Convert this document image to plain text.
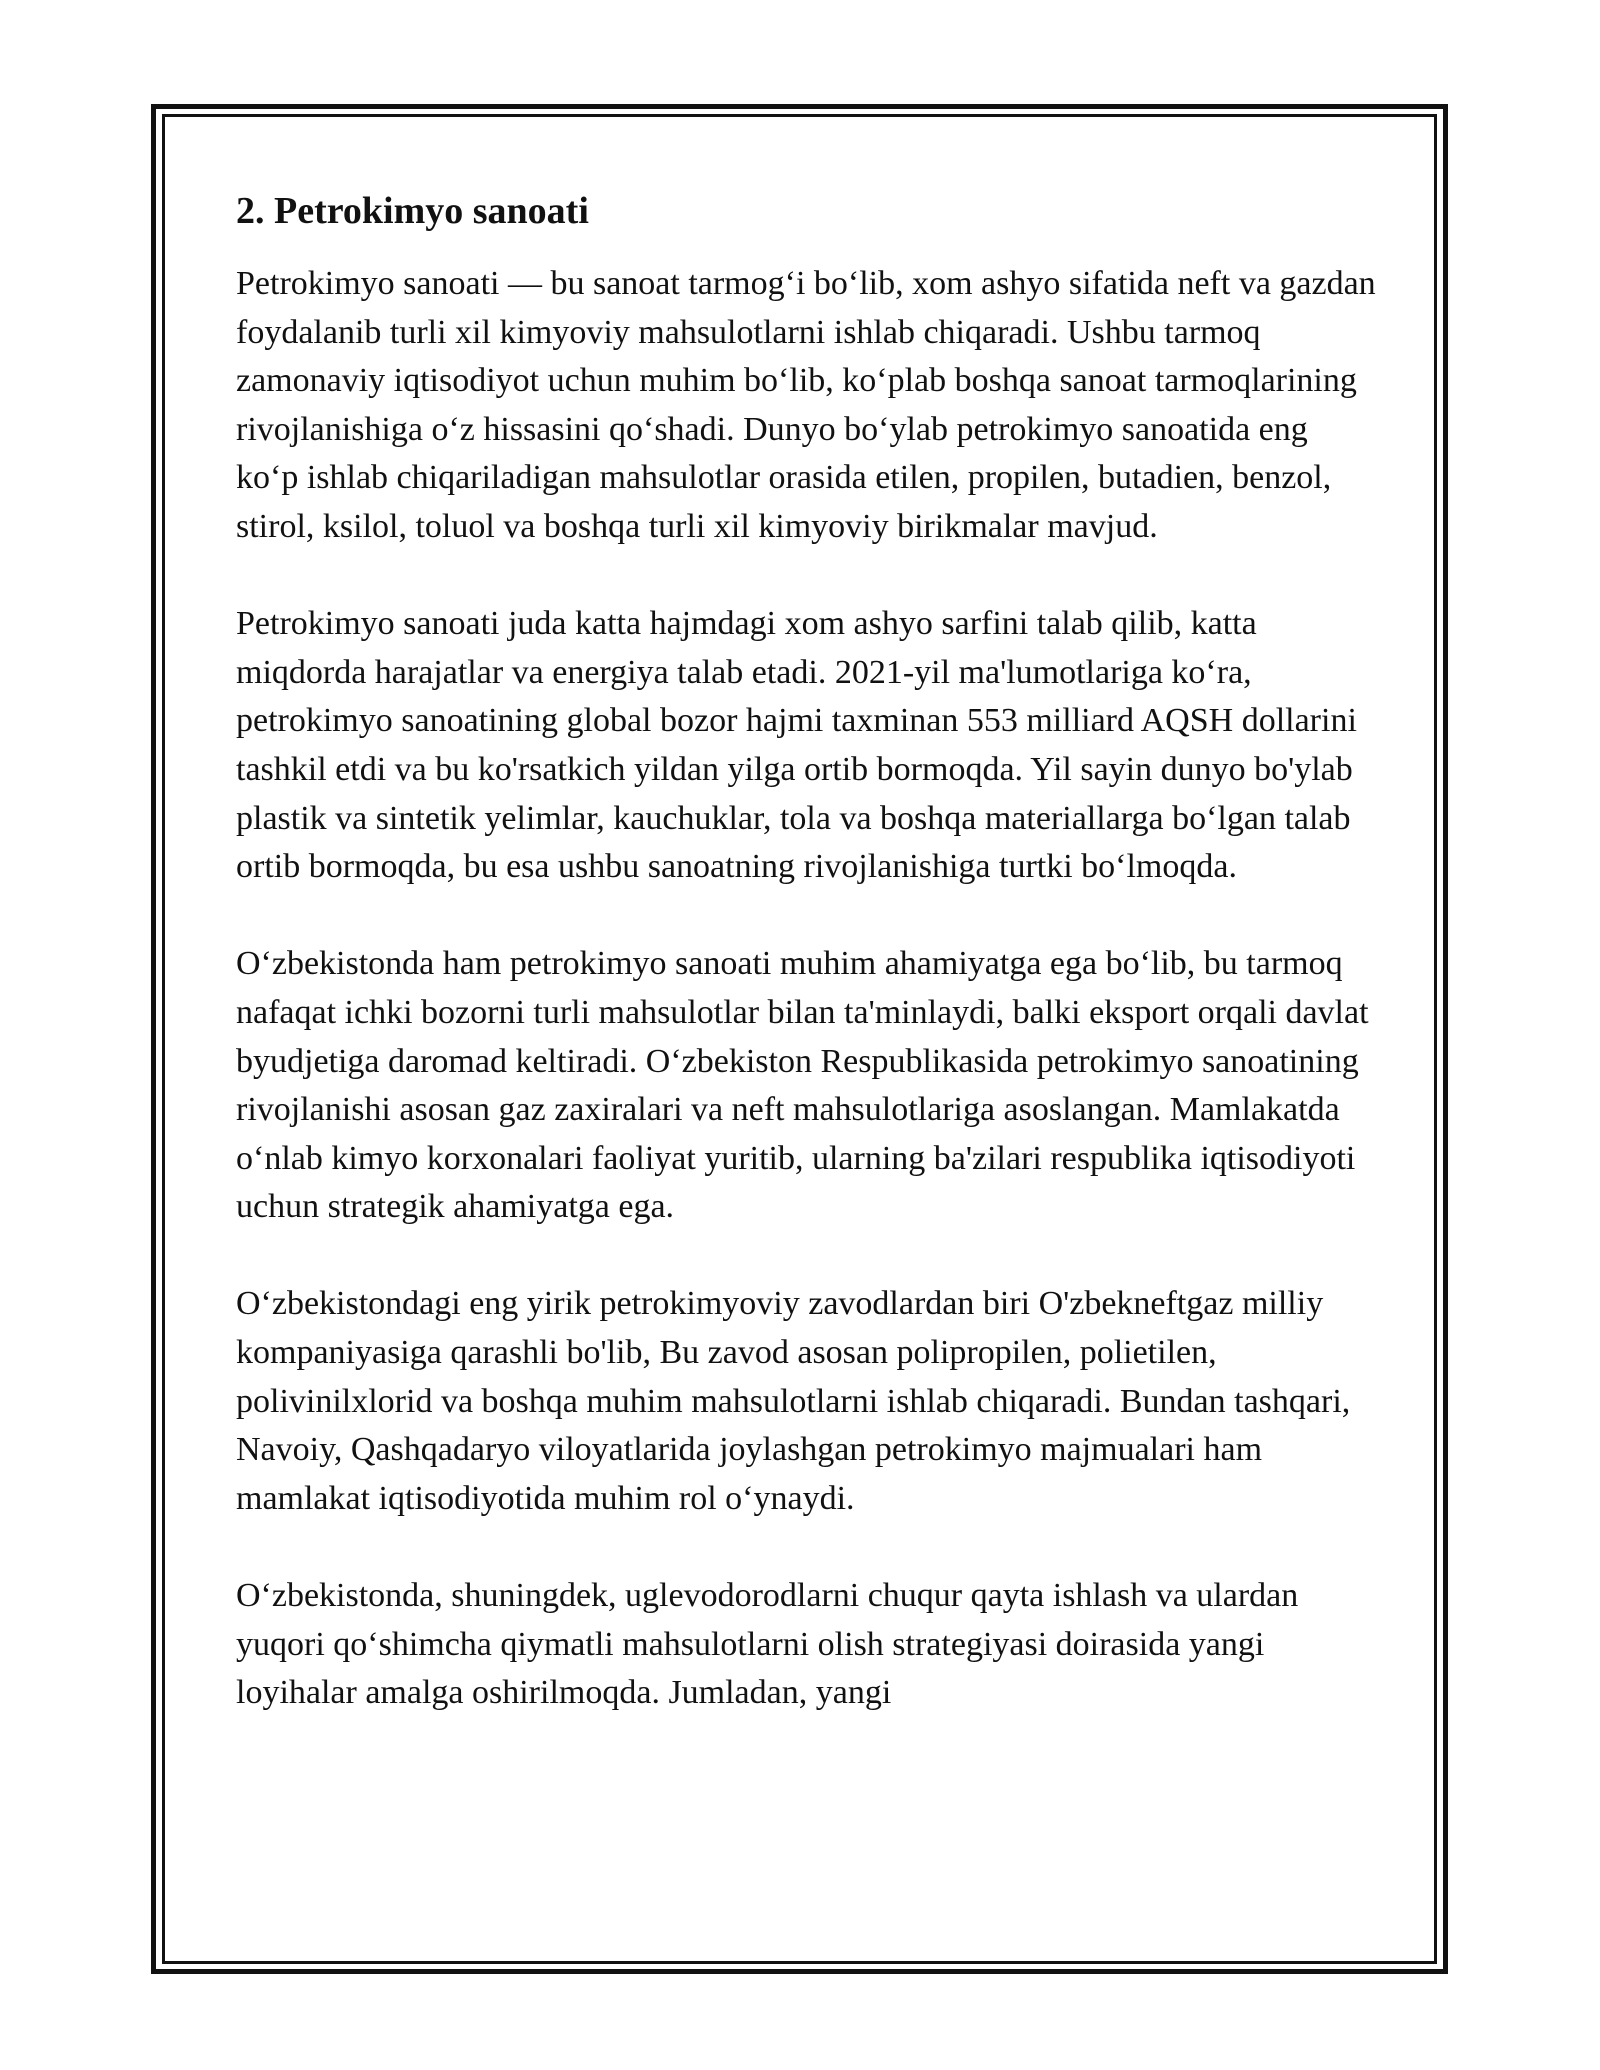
2. Petrokimyo sanoati

Petrokimyo sanoati — bu sanoat tarmog‘i bo‘lib, xom ashyo sifatida neft va gazdan foydalanib turli xil kimyoviy mahsulotlarni ishlab chiqaradi. Ushbu tarmoq zamonaviy iqtisodiyot uchun muhim bo‘lib, ko‘plab boshqa sanoat tarmoqlarining rivojlanishiga o‘z hissasini qo‘shadi. Dunyo bo‘ylab petrokimyo sanoatida eng ko‘p ishlab chiqariladigan mahsulotlar orasida etilen, propilen, butadien, benzol, stirol, ksilol, toluol va boshqa turli xil kimyoviy birikmalar mavjud.

Petrokimyo sanoati juda katta hajmdagi xom ashyo sarfini talab qilib, katta miqdorda harajatlar va energiya talab etadi. 2021-yil ma'lumotlariga ko‘ra, petrokimyo sanoatining global bozor hajmi taxminan 553 milliard AQSH dollarini tashkil etdi va bu ko'rsatkich yildan yilga ortib bormoqda. Yil sayin dunyo bo'ylab plastik va sintetik yelimlar, kauchuklar, tola va boshqa materiallarga bo‘lgan talab ortib bormoqda, bu esa ushbu sanoatning rivojlanishiga turtki bo‘lmoqda.

O‘zbekistonda ham petrokimyo sanoati muhim ahamiyatga ega bo‘lib, bu tarmoq nafaqat ichki bozorni turli mahsulotlar bilan ta'minlaydi, balki eksport orqali davlat byudjetiga daromad keltiradi. O‘zbekiston Respublikasida petrokimyo sanoatining rivojlanishi asosan gaz zaxiralari va neft mahsulotlariga asoslangan. Mamlakatda o‘nlab kimyo korxonalari faoliyat yuritib, ularning ba'zilari respublika iqtisodiyoti uchun strategik ahamiyatga ega.

O‘zbekistondagi eng yirik petrokimyoviy zavodlardan biri O'zbekneftgaz milliy kompaniyasiga qarashli bo'lib, Bu zavod asosan polipropilen, polietilen, polivinilxlorid va boshqa muhim mahsulotlarni ishlab chiqaradi. Bundan tashqari, Navoiy, Qashqadaryo viloyatlarida joylashgan petrokimyo majmualari ham mamlakat iqtisodiyotida muhim rol o‘ynaydi.

O‘zbekistonda, shuningdek, uglevodorodlarni chuqur qayta ishlash va ulardan yuqori qo‘shimcha qiymatli mahsulotlarni olish strategiyasi doirasida yangi loyihalar amalga oshirilmoqda. Jumladan, yangi
